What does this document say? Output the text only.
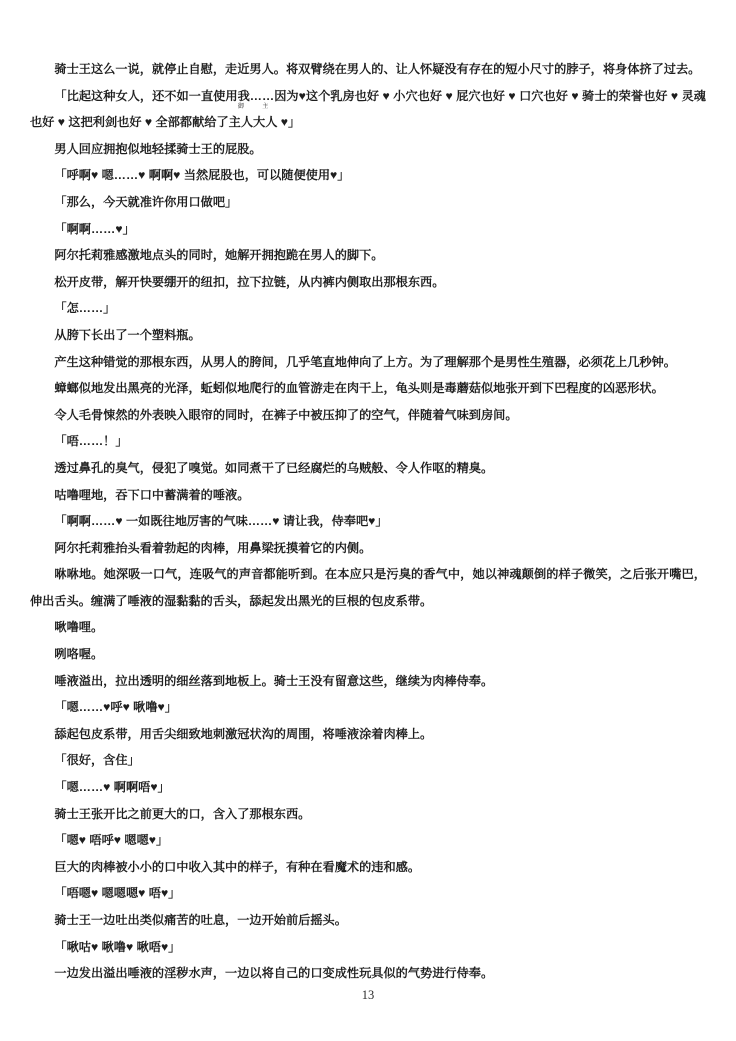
骑士王这么一说，就停止自慰，走近男人。将双臂绕在男人的、让人怀疑没有存在的短小尺寸的脖子，将身体挤了过去。

「比起这种女人，还不如一直使用我……因为♥这个乳房也好 ♥ 小穴也好 ♥ 屁穴也好 ♥ 口穴也好 ♥ 骑士的荣誉也好 ♥ 灵魂也好 ♥ 这把利剑也好 ♥ 全部都献给了
御
主人
主
大人 ♥」

男人回应拥抱似地轻揉骑士王的屁股。

「呼啊♥ 嗯……♥ 啊啊♥ 当然屁股也，可以随便使用♥」

「那么，今天就准许你用口做吧」

「啊啊……♥」

阿尔托莉雅感激地点头的同时，她解开拥抱跪在男人的脚下。

松开皮带，解开快要绷开的纽扣，拉下拉链，从内裤内侧取出那根东西。

「怎……」

从胯下长出了一个塑料瓶。

产生这种错觉的那根东西，从男人的胯间，几乎笔直地伸向了上方。为了理解那个是男性生殖器，必须花上几秒钟。

蟑螂似地发出黑亮的光泽，蚯蚓似地爬行的血管游走在肉干上，龟头则是毒蘑菇似地张开到下巴程度的凶恶形状。

令人毛骨悚然的外表映入眼帘的同时，在裤子中被压抑了的空气，伴随着气味到房间。

「唔……！」

透过鼻孔的臭气，侵犯了嗅觉。如同煮干了已经腐烂的乌贼般、令人作呕的精臭。

咕噜哩地，吞下口中蓄满着的唾液。

「啊啊……♥ 一如既往地厉害的气味……♥ 请让我，侍奉吧♥」

阿尔托莉雅抬头看着勃起的肉棒，用鼻梁抚摸着它的内侧。

咻咻地。她深吸一口气，连吸气的声音都能听到。在本应只是污臭的香气中，她以神魂颠倒的样子微笑，之后张开嘴巴，伸出舌头。缠满了唾液的湿黏黏的舌头，舔起发出黑光的巨根的包皮系带。

啾噜哩。

咧咯喔。

唾液溢出，拉出透明的细丝落到地板上。骑士王没有留意这些，继续为肉棒侍奉。

「嗯……♥呼♥ 啾噜♥」

舔起包皮系带，用舌尖细致地刺激冠状沟的周围，将唾液涂着肉棒上。

「很好，含住」

「嗯……♥ 啊啊唔♥」

骑士王张开比之前更大的口，含入了那根东西。

「嗯♥ 唔呼♥ 嗯嗯♥」

巨大的肉棒被小小的口中收入其中的样子，有种在看魔术的违和感。

「唔嗯♥ 嗯嗯嗯♥ 唔♥」

骑士王一边吐出类似痛苦的吐息，一边开始前后摇头。

「啾咕♥ 啾噜♥ 啾唔♥」

一边发出溢出唾液的淫秽水声，一边以将自己的口变成性玩具似的气势进行侍奉。

13
